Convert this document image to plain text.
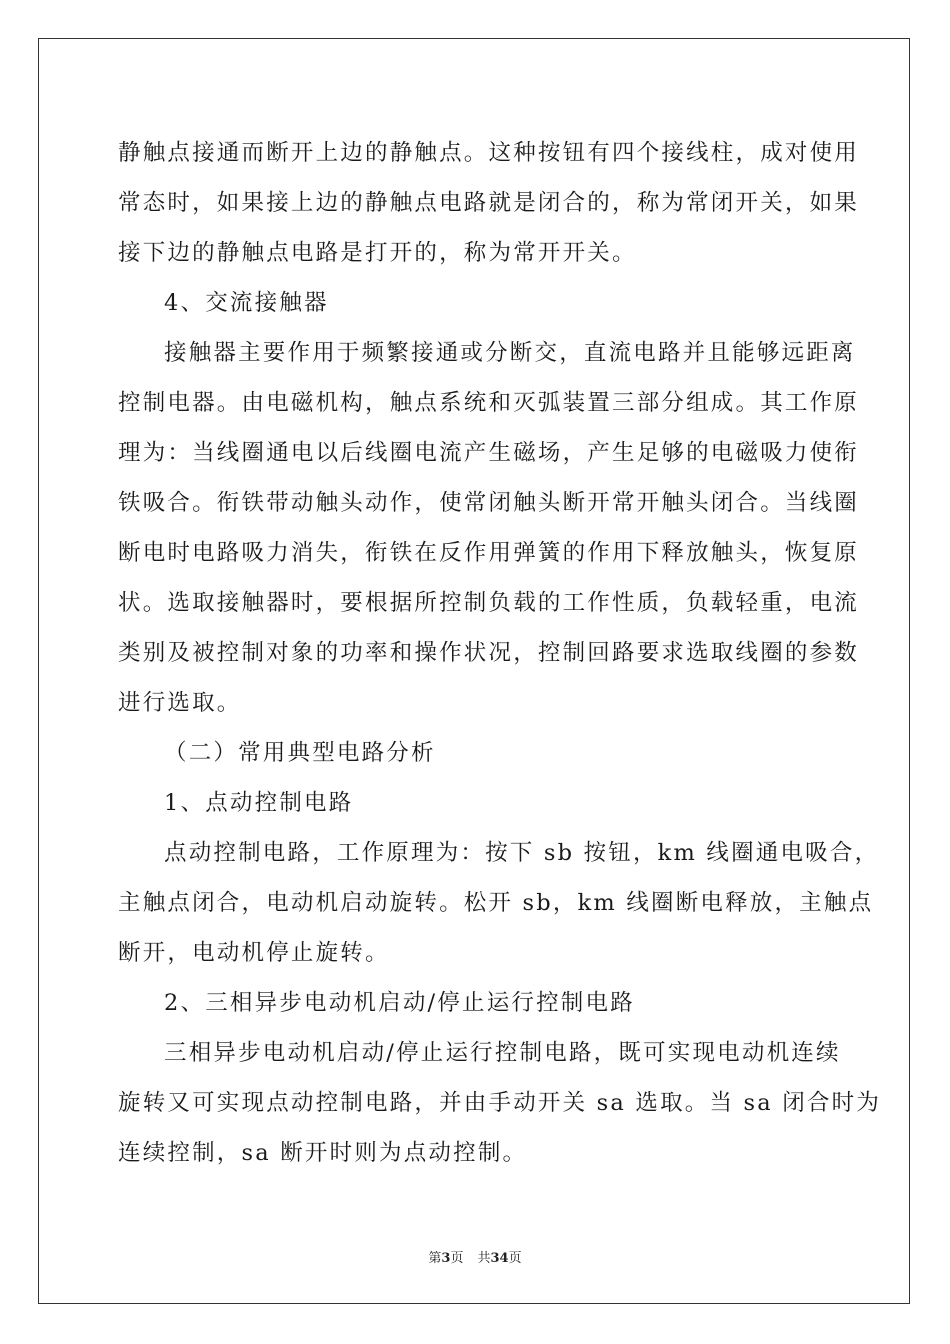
静触点接通而断开上边的静触点。这种按钮有四个接线柱，成对使用
常态时，如果接上边的静触点电路就是闭合的，称为常闭开关，如果
接下边的静触点电路是打开的，称为常开开关。
4、交流接触器
接触器主要作用于频繁接通或分断交，直流电路并且能够远距离
控制电器。由电磁机构，触点系统和灭弧装置三部分组成。其工作原
理为：当线圈通电以后线圈电流产生磁场，产生足够的电磁吸力使衔
铁吸合。衔铁带动触头动作，使常闭触头断开常开触头闭合。当线圈
断电时电路吸力消失，衔铁在反作用弹簧的作用下释放触头，恢复原
状。选取接触器时，要根据所控制负载的工作性质，负载轻重，电流
类别及被控制对象的功率和操作状况，控制回路要求选取线圈的参数
进行选取。
（二）常用典型电路分析
1、点动控制电路
点动控制电路，工作原理为：按下 sb 按钮，km 线圈通电吸合，
主触点闭合，电动机启动旋转。松开 sb，km 线圈断电释放，主触点
断开，电动机停止旋转。
2、三相异步电动机启动/停止运行控制电路
三相异步电动机启动/停止运行控制电路，既可实现电动机连续
旋转又可实现点动控制电路，并由手动开关 sa 选取。当 sa 闭合时为
连续控制，sa 断开时则为点动控制。
第3页 共34页
